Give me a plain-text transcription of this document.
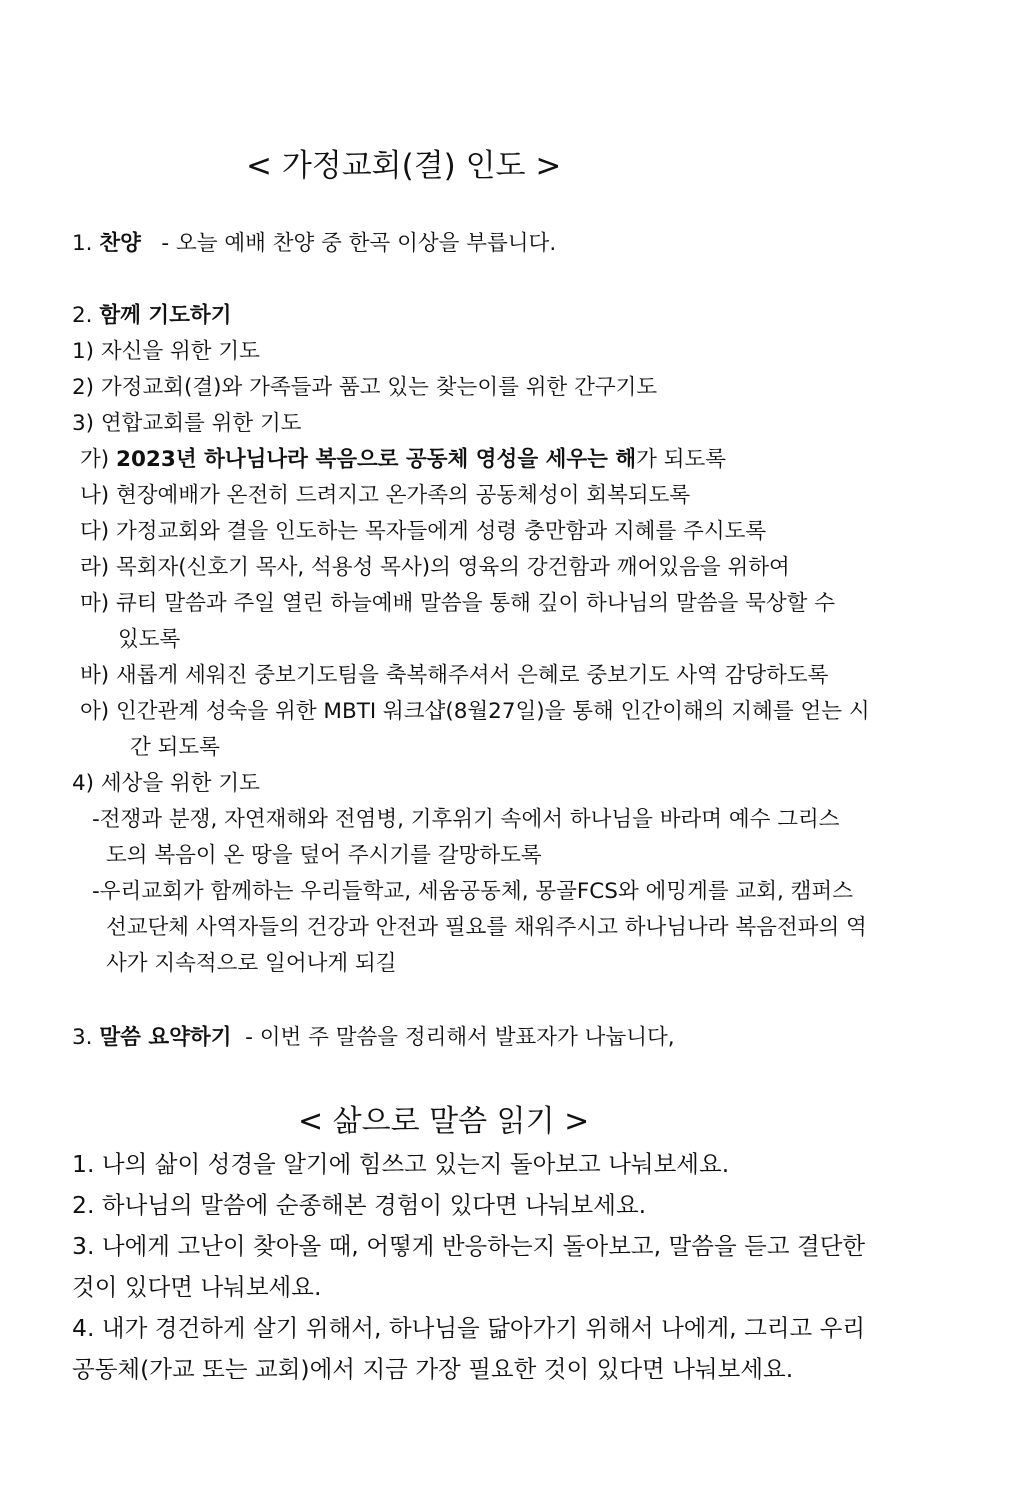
< 가정교회(결) 인도 >
1. 찬양 - 오늘 예배 찬양 중 한곡 이상을 부릅니다.
2. 함께 기도하기
1) 자신을 위한 기도
2) 가정교회(결)와 가족들과 품고 있는 찾는이를 위한 간구기도
3) 연합교회를 위한 기도
가) 2023년 하나님나라 복음으로 공동체 영성을 세우는 해가 되도록
나) 현장예배가 온전히 드려지고 온가족의 공동체성이 회복되도록
다) 가정교회와 결을 인도하는 목자들에게 성령 충만함과 지혜를 주시도록
라) 목회자(신호기 목사, 석용성 목사)의 영육의 강건함과 깨어있음을 위하여
마) 큐티 말씀과 주일 열린 하늘예배 말씀을 통해 깊이 하나님의 말씀을 묵상할 수
있도록
바) 새롭게 세워진 중보기도팀을 축복해주셔서 은혜로 중보기도 사역 감당하도록
아) 인간관계 성숙을 위한 MBTI 워크샵(8월27일)을 통해 인간이해의 지혜를 얻는 시
간 되도록
4) 세상을 위한 기도
-전쟁과 분쟁, 자연재해와 전염병, 기후위기 속에서 하나님을 바라며 예수 그리스
도의 복음이 온 땅을 덮어 주시기를 갈망하도록
-우리교회가 함께하는 우리들학교, 세움공동체, 몽골FCS와 에밍게를 교회, 캠퍼스
선교단체 사역자들의 건강과 안전과 필요를 채워주시고 하나님나라 복음전파의 역
사가 지속적으로 일어나게 되길
3. 말씀 요약하기 - 이번 주 말씀을 정리해서 발표자가 나눕니다,
< 삶으로 말씀 읽기 >
1. 나의 삶이 성경을 알기에 힘쓰고 있는지 돌아보고 나눠보세요.
2. 하나님의 말씀에 순종해본 경험이 있다면 나눠보세요.
3. 나에게 고난이 찾아올 때, 어떻게 반응하는지 돌아보고, 말씀을 듣고 결단한
것이 있다면 나눠보세요.
4. 내가 경건하게 살기 위해서, 하나님을 닮아가기 위해서 나에게, 그리고 우리
공동체(가교 또는 교회)에서 지금 가장 필요한 것이 있다면 나눠보세요.
